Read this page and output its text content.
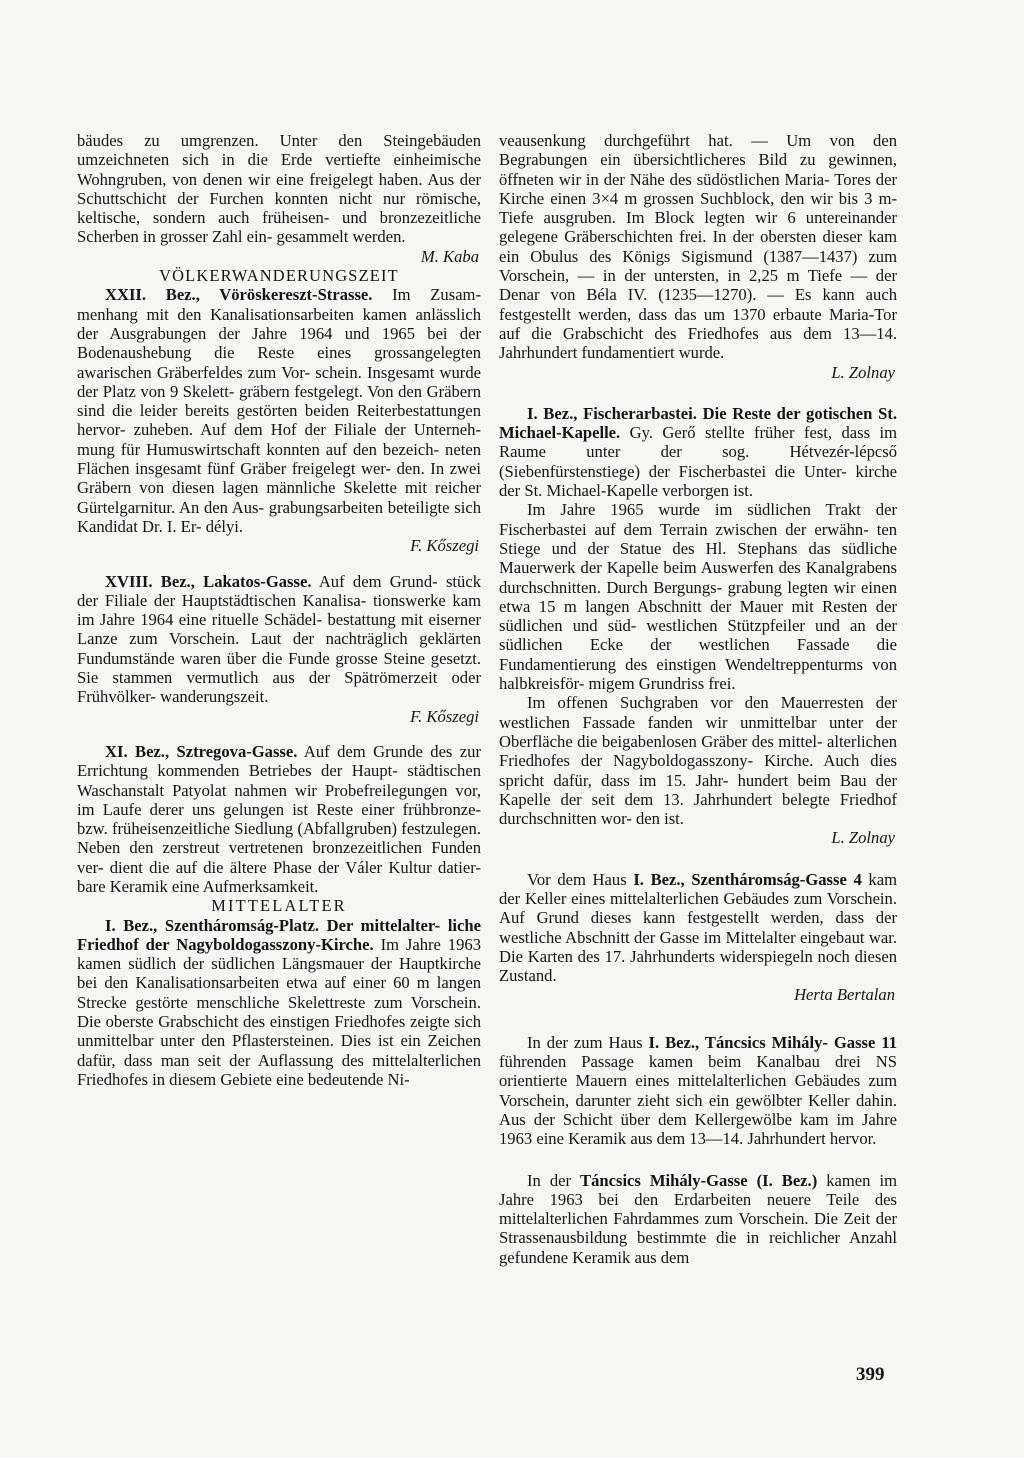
bäudes zu umgrenzen. Unter den Steingebäuden umzeichneten sich in die Erde vertiefte einheimische Wohngruben, von denen wir eine freigelegt haben. Aus der Schuttschicht der Furchen konnten nicht nur römische, keltische, sondern auch früheisen- und bronzezeitliche Scherben in grosser Zahl ein- gesammelt werden.

M. Kaba

VÖLKERWANDERUNGSZEIT

XXII. Bez., Vöröskereszt-Strasse. Im Zusam- menhang mit den Kanalisationsarbeiten kamen anlässlich der Ausgrabungen der Jahre 1964 und 1965 bei der Bodenaushebung die Reste eines grossangelegten awarischen Gräberfeldes zum Vor- schein. Insgesamt wurde der Platz von 9 Skelett- gräbern festgelegt. Von den Gräbern sind die leider bereits gestörten beiden Reiterbestattungen hervor- zuheben. Auf dem Hof der Filiale der Unterneh- mung für Humuswirtschaft konnten auf den bezeich- neten Flächen insgesamt fünf Gräber freigelegt wer- den. In zwei Gräbern von diesen lagen männliche Skelette mit reicher Gürtelgarnitur. An den Aus- grabungsarbeiten beteiligte sich Kandidat Dr. I. Er- délyi.

F. Kőszegi

XVIII. Bez., Lakatos-Gasse. Auf dem Grund- stück der Filiale der Hauptstädtischen Kanalisa- tionswerke kam im Jahre 1964 eine rituelle Schädel- bestattung mit eiserner Lanze zum Vorschein. Laut der nachträglich geklärten Fundumstände waren über die Funde grosse Steine gesetzt. Sie stammen vermutlich aus der Spätrömerzeit oder Frühvölker- wanderungszeit.

F. Kőszegi

XI. Bez., Sztregova-Gasse. Auf dem Grunde des zur Errichtung kommenden Betriebes der Haupt- städtischen Waschanstalt Patyolat nahmen wir Probefreilegungen vor, im Laufe derer uns gelungen ist Reste einer frühbronze- bzw. früheisenzeitliche Siedlung (Abfallgruben) festzulegen. Neben den zerstreut vertretenen bronzezeitlichen Funden ver- dient die auf die ältere Phase der Váler Kultur datier- bare Keramik eine Aufmerksamkeit.

MITTELALTER

I. Bez., Szentháromság-Platz. Der mittelalter- liche Friedhof der Nagyboldogasszony-Kirche. Im Jahre 1963 kamen südlich der südlichen Längsmauer der Hauptkirche bei den Kanalisationsarbeiten etwa auf einer 60 m langen Strecke gestörte menschliche Skelettreste zum Vorschein. Die oberste Grabschicht des einstigen Friedhofes zeigte sich unmittelbar unter den Pflastersteinen. Dies ist ein Zeichen dafür, dass man seit der Auflassung des mittelalterlichen Friedhofes in diesem Gebiete eine bedeutende Ni-

veausenkung durchgeführt hat. — Um von den Begrabungen ein übersichtlicheres Bild zu gewinnen, öffneten wir in der Nähe des südöstlichen Maria- Tores der Kirche einen 3×4 m grossen Suchblock, den wir bis 3 m-Tiefe ausgruben. Im Block legten wir 6 untereinander gelegene Gräberschichten frei. In der obersten dieser kam ein Obulus des Königs Sigismund (1387—1437) zum Vorschein, — in der untersten, in 2,25 m Tiefe — der Denar von Béla IV. (1235—1270). — Es kann auch festgestellt werden, dass das um 1370 erbaute Maria-Tor auf die Grabschicht des Friedhofes aus dem 13—14. Jahrhundert fundamentiert wurde.

L. Zolnay

I. Bez., Fischerarbastei. Die Reste der gotischen St. Michael-Kapelle. Gy. Gerő stellte früher fest, dass im Raume unter der sog. Hétvezér-lépcső (Siebenfürstenstiege) der Fischerbastei die Unter- kirche der St. Michael-Kapelle verborgen ist.

Im Jahre 1965 wurde im südlichen Trakt der Fischerbastei auf dem Terrain zwischen der erwähn- ten Stiege und der Statue des Hl. Stephans das südliche Mauerwerk der Kapelle beim Auswerfen des Kanalgrabens durchschnitten. Durch Bergungs- grabung legten wir einen etwa 15 m langen Abschnitt der Mauer mit Resten der südlichen und süd- westlichen Stützpfeiler und an der südlichen Ecke der westlichen Fassade die Fundamentierung des einstigen Wendeltreppenturms von halbkreisför- migem Grundriss frei.

Im offenen Suchgraben vor den Mauerresten der westlichen Fassade fanden wir unmittelbar unter der Oberfläche die beigabenlosen Gräber des mittel- alterlichen Friedhofes der Nagyboldogasszony- Kirche. Auch dies spricht dafür, dass im 15. Jahr- hundert beim Bau der Kapelle der seit dem 13. Jahrhundert belegte Friedhof durchschnitten wor- den ist.

L. Zolnay

Vor dem Haus I. Bez., Szentháromság-Gasse 4 kam der Keller eines mittelalterlichen Gebäudes zum Vorschein. Auf Grund dieses kann festgestellt werden, dass der westliche Abschnitt der Gasse im Mittelalter eingebaut war. Die Karten des 17. Jahrhunderts widerspiegeln noch diesen Zustand.

Herta Bertalan

In der zum Haus I. Bez., Táncsics Mihály- Gasse 11 führenden Passage kamen beim Kanalbau drei NS orientierte Mauern eines mittelalterlichen Gebäudes zum Vorschein, darunter zieht sich ein gewölbter Keller dahin. Aus der Schicht über dem Kellergewölbe kam im Jahre 1963 eine Keramik aus dem 13—14. Jahrhundert hervor.

In der Táncsics Mihály-Gasse (I. Bez.) kamen im Jahre 1963 bei den Erdarbeiten neuere Teile des mittelalterlichen Fahrdammes zum Vorschein. Die Zeit der Strassenausbildung bestimmte die in reichlicher Anzahl gefundene Keramik aus dem

399
